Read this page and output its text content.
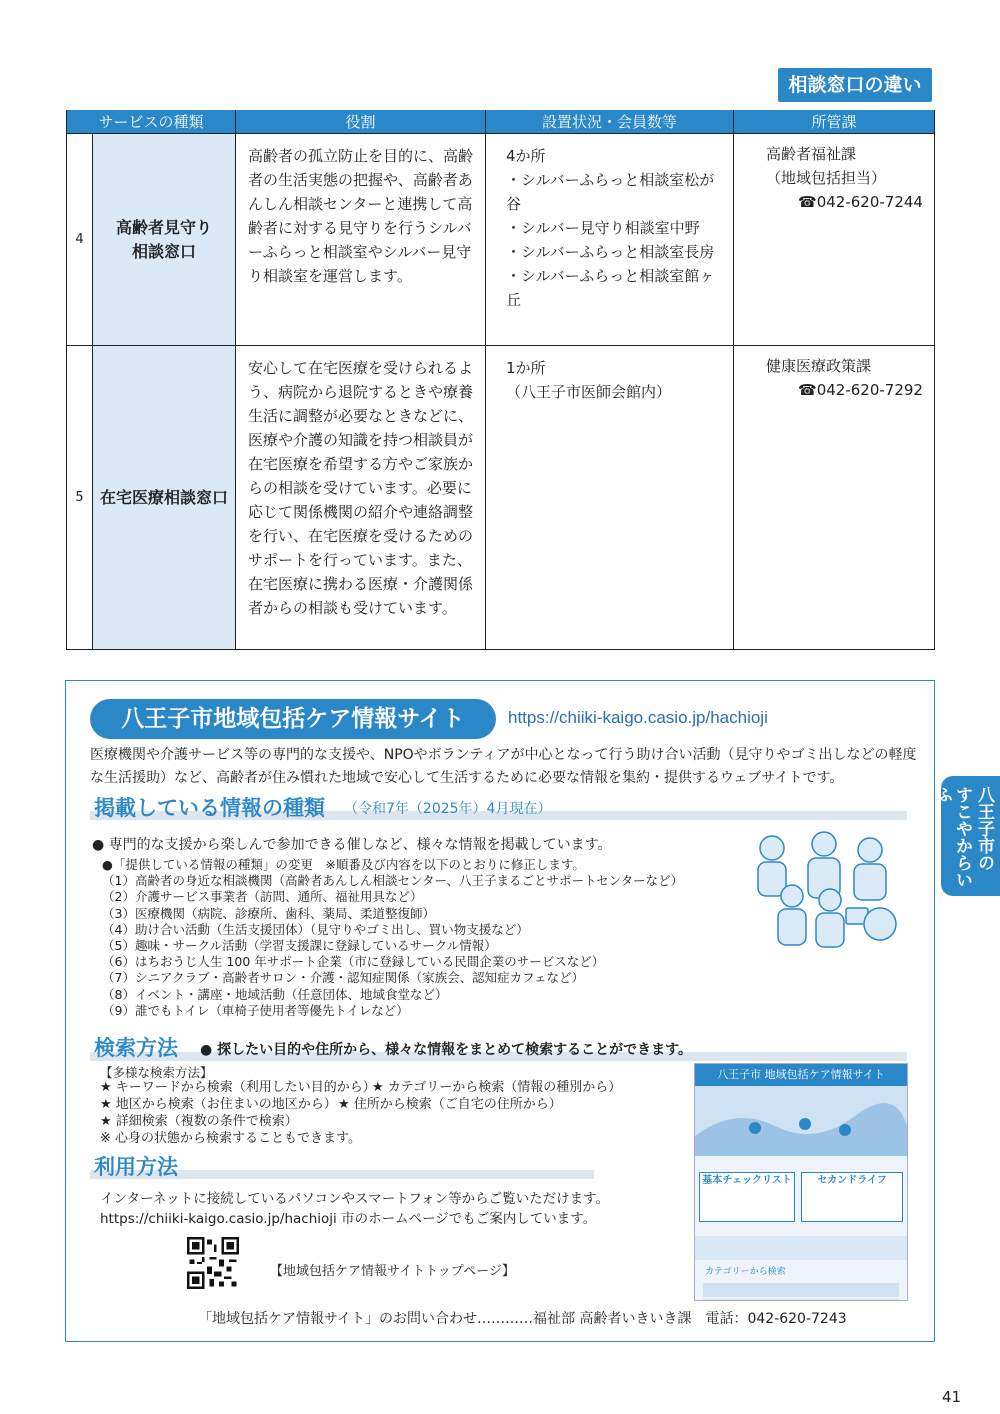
相談窓口の違い
サービスの種類		役割	設置状況・会員数等	所管課
4	高齢者見守り
相談窓口	高齢者の孤立防止を目的に、高齢者の生活実態の把握や、高齢者あんしん相談センターと連携して高齢者に対する見守りを行うシルバーふらっと相談室やシルバー見守り相談室を運営します。	4か所
・シルバーふらっと相談室松が谷
・シルバー見守り相談室中野
・シルバーふらっと相談室長房
・シルバーふらっと相談室館ヶ丘	高齢者福祉課
（地域包括担当）
☎042-620-7244

5	在宅医療相談窓口	安心して在宅医療を受けられるよう、病院から退院するときや療養生活に調整が必要なときなどに、医療や介護の知識を持つ相談員が在宅医療を希望する方やご家族からの相談を受けています。必要に応じて関係機関の紹介や連絡調整を行い、在宅医療を受けるためのサポートを行っています。また、在宅医療に携わる医療・介護関係者からの相談も受けています。	1か所
（八王子市医師会館内）	健康医療政策課
☎042-620-7292
八王子市地域包括ケア情報サイト	https://chiiki-kaigo.casio.jp/hachioji
医療機関や介護サービス等の専門的な支援や、NPOやボランティアが中心となって行う助け合い活動（見守りやゴミ出しなどの軽度な生活援助）など、高齢者が住み慣れた地域で安心して生活するために必要な情報を集約・提供するウェブサイトです。
掲載している情報の種類 （令和7年（2025年）4月現在）
● 専門的な支援から楽しんで参加できる催しなど、様々な情報を掲載しています。
●「提供している情報の種類」の変更　※順番及び内容を以下のとおりに修正します。
（1）高齢者の身近な相談機関（高齢者あんしん相談センター、八王子まるごとサポートセンターなど）
（2）介護サービス事業者（訪問、通所、福祉用具など）
（3）医療機関（病院、診療所、歯科、薬局、柔道整復師）
（4）助け合い活動（生活支援団体）（見守りやゴミ出し、買い物支援など）
（5）趣味・サークル活動（学習支援課に登録しているサークル情報）
（6）はちおうじ人生 100 年サポート企業（市に登録している民間企業のサービスなど）
（7）シニアクラブ・高齢者サロン・介護・認知症関係（家族会、認知症カフェなど）
（8）イベント・講座・地域活動（任意団体、地域食堂など）
（9）誰でもトイレ（車椅子使用者等優先トイレなど）
検索方法 ● 探したい目的や住所から、様々な情報をまとめて検索することができます。
【多様な検索方法】
★ キーワードから検索（利用したい目的から）
★ カテゴリーから検索（情報の種別から）
★ 地区から検索（お住まいの地区から） ★ 住所から検索（ご自宅の住所から）
★ 詳細検索（複数の条件で検索）
※ 心身の状態から検索することもできます。
利用方法
インターネットに接続しているパソコンやスマートフォン等からご覧いただけます。
https://chiiki-kaigo.casio.jp/hachioji 市のホームページでもご案内しています。
【地域包括ケア情報サイトトップページ】
八王子市 地域包括ケア情報サイト
基本チェックリスト	セカンドライフ
カテゴリーから検索
「地域包括ケア情報サイト」のお問い合わせ…………福祉部 高齢者いきいき課　電話：042-620-7243
八王子市の
すこやからいふ
41
